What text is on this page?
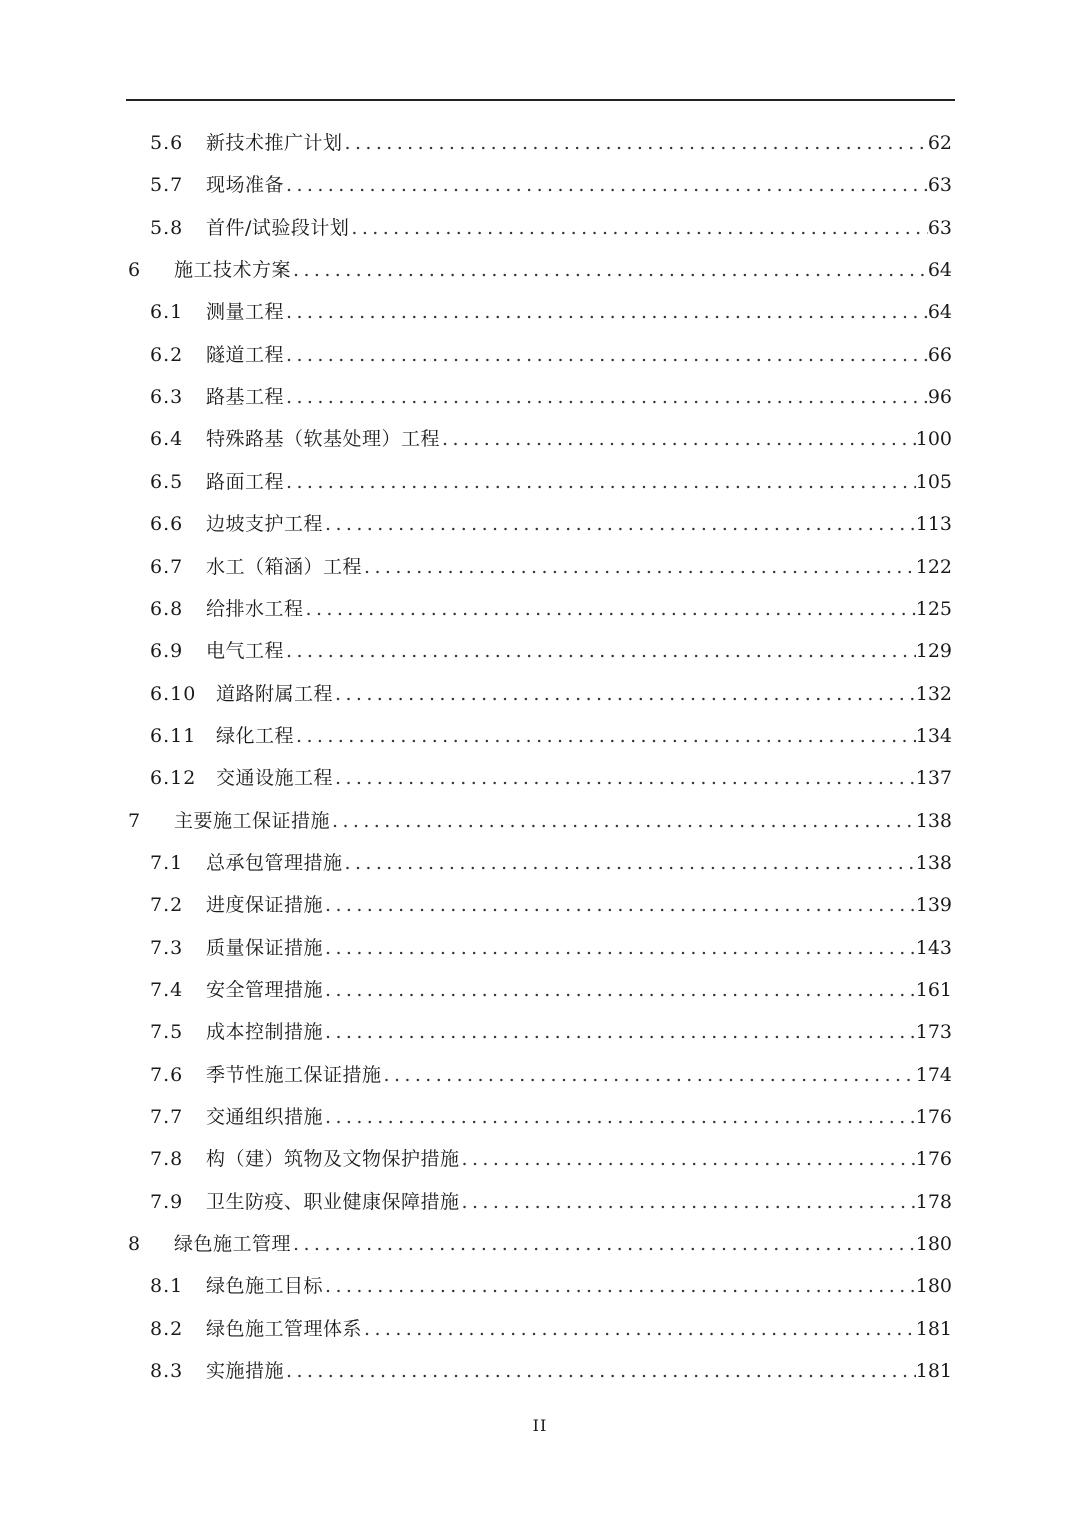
5.6	新技术推广计划 .....	62
5.7	现场准备 .....	63
5.8	首件/试验段计划 .....	63
6	施工技术方案 .....	64
6.1	测量工程 .....	64
6.2	隧道工程 .....	66
6.3	路基工程 .....	96
6.4	特殊路基（软基处理）工程 .....	100
6.5	路面工程 .....	105
6.6	边坡支护工程 .....	113
6.7	水工（箱涵）工程 .....	122
6.8	给排水工程 .....	125
6.9	电气工程 .....	129
6.10	道路附属工程 .....	132
6.11	绿化工程 .....	134
6.12	交通设施工程 .....	137
7	主要施工保证措施 .....	138
7.1	总承包管理措施 .....	138
7.2	进度保证措施 .....	139
7.3	质量保证措施 .....	143
7.4	安全管理措施 .....	161
7.5	成本控制措施 .....	173
7.6	季节性施工保证措施 .....	174
7.7	交通组织措施 .....	176
7.8	构（建）筑物及文物保护措施 .....	176
7.9	卫生防疫、职业健康保障措施 .....	178
8	绿色施工管理 .....	180
8.1	绿色施工目标 .....	180
8.2	绿色施工管理体系 .....	181
8.3	实施措施 .....	181
II
